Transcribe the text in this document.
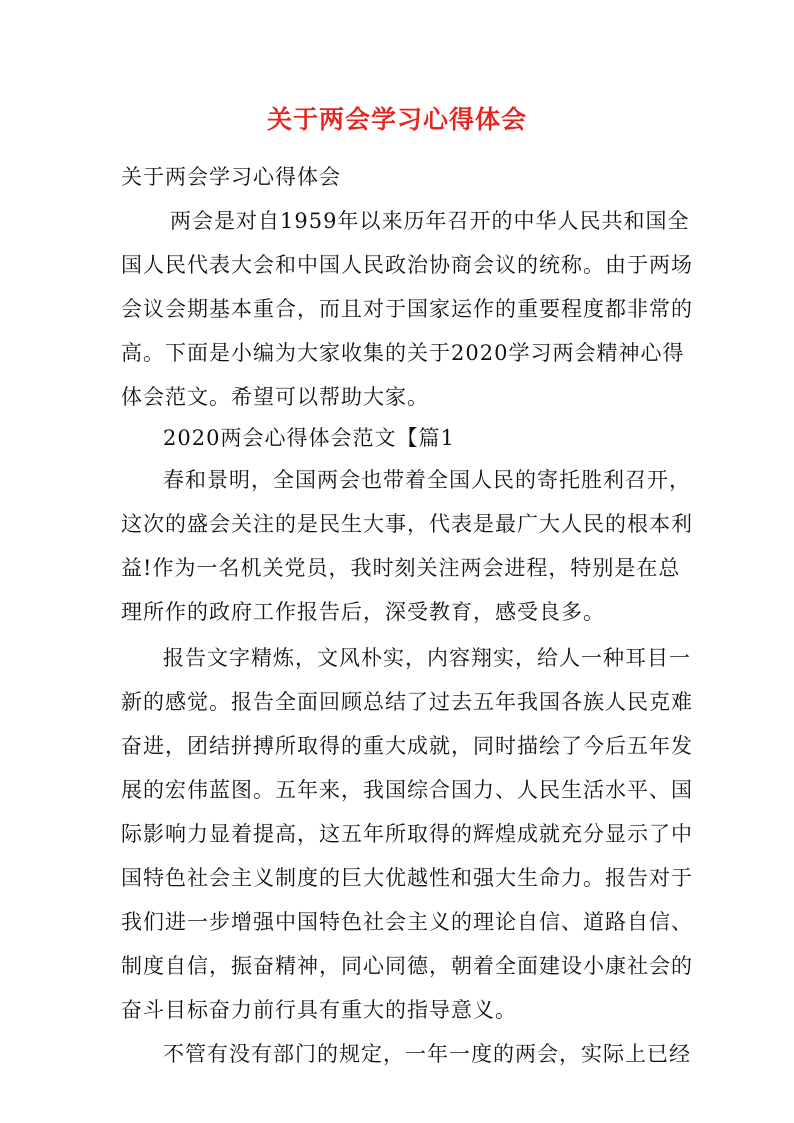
关于两会学习心得体会
关于两会学习心得体会
两会是对自1959年以来历年召开的中华人民共和国全
国人民代表大会和中国人民政治协商会议的统称。由于两场
会议会期基本重合，而且对于国家运作的重要程度都非常的
高。下面是小编为大家收集的关于2020学习两会精神心得
体会范文。希望可以帮助大家。
2020两会心得体会范文【篇1
春和景明，全国两会也带着全国人民的寄托胜利召开，
这次的盛会关注的是民生大事，代表是最广大人民的根本利
益!作为一名机关党员，我时刻关注两会进程，特别是在总
理所作的政府工作报告后，深受教育，感受良多。
报告文字精炼，文风朴实，内容翔实，给人一种耳目一
新的感觉。报告全面回顾总结了过去五年我国各族人民克难
奋进，团结拼搏所取得的重大成就，同时描绘了今后五年发
展的宏伟蓝图。五年来，我国综合国力、人民生活水平、国
际影响力显着提高，这五年所取得的辉煌成就充分显示了中
国特色社会主义制度的巨大优越性和强大生命力。报告对于
我们进一步增强中国特色社会主义的理论自信、道路自信、
制度自信，振奋精神，同心同德，朝着全面建设小康社会的
奋斗目标奋力前行具有重大的指导意义。
不管有没有部门的规定，一年一度的两会，实际上已经
